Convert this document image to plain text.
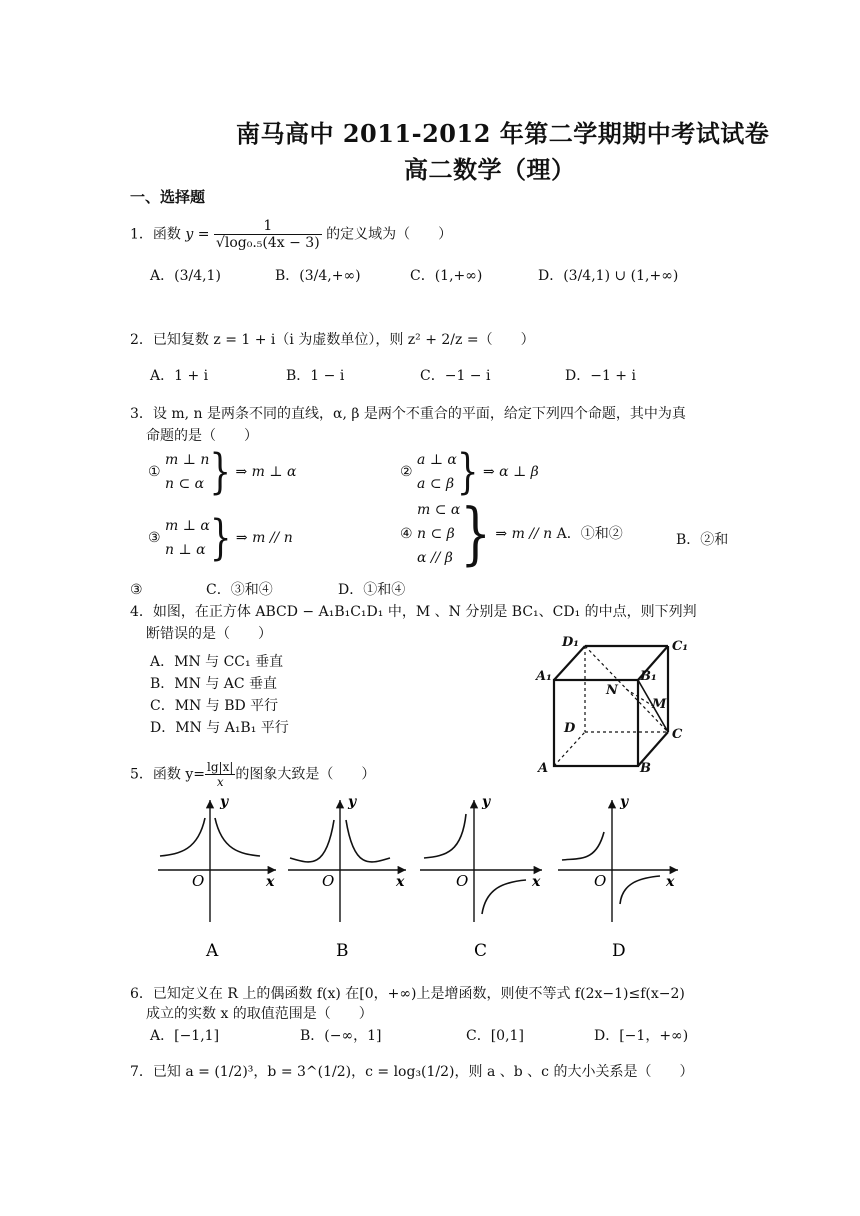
南马高中 2011-2012 年第二学期期中考试试卷
高二数学（理）
一、选择题
1．函数 $y = \frac{1}{\text{√log₀.₅(4x − 3)}}$ 的定义域为（　　）
A．(3/4,1)	B．(3/4,+∞)	C．(1,+∞)	D．(3/4,1) ∪ (1,+∞)
2．已知复数 z = 1 + i（i 为虚数单位），则 z² + 2/z =（　　）
A．1 + i	B．1 − i	C．−1 − i	D．−1 + i
3．设 m, n 是两条不同的直线，α, β 是两个不重合的平面，给定下列四个命题，其中为真
命题的是（　　）
①
m ⊥ n
n ⊂ α } ⇒ m ⊥ α	②
a ⊥ α
a ⊂ β } ⇒ α ⊥ β
③
m ⊥ α
n ⊥ α } ⇒ m // n	④
m ⊂ α
n ⊂ β
α // β } ⇒ m // n A．①和②	B．②和
③	C．③和④	D．①和④
4．如图，在正方体 ABCD − A₁B₁C₁D₁ 中，M 、N 分别是 BC₁、CD₁ 的中点，则下列判
断错误的是（　　）
A．MN 与 CC₁ 垂直
B．MN 与 AC 垂直
C．MN 与 BD 平行
D．MN 与 A₁B₁ 平行
D₁	C₁
A₁	B₁
N
M
D	C
A	B
5．函数 $y= \frac{\lg|x|}{x}$ 的图象大致是（　　）
y
x
O
A
y
x
O
B
y
x
O
C
y
x
O
D
6．已知定义在 R 上的偶函数 f(x) 在[0，+∞)上是增函数，则使不等式 f(2x−1)≤f(x−2)
成立的实数 x 的取值范围是（　　）
A．[−1,1]	B．(−∞，1]	C．[0,1]	D．[−1，+∞)
7．已知 a = (1/2)³，b = 3^(1/2)，c = log₃(1/2)，则 a 、b 、c 的大小关系是（　　）
